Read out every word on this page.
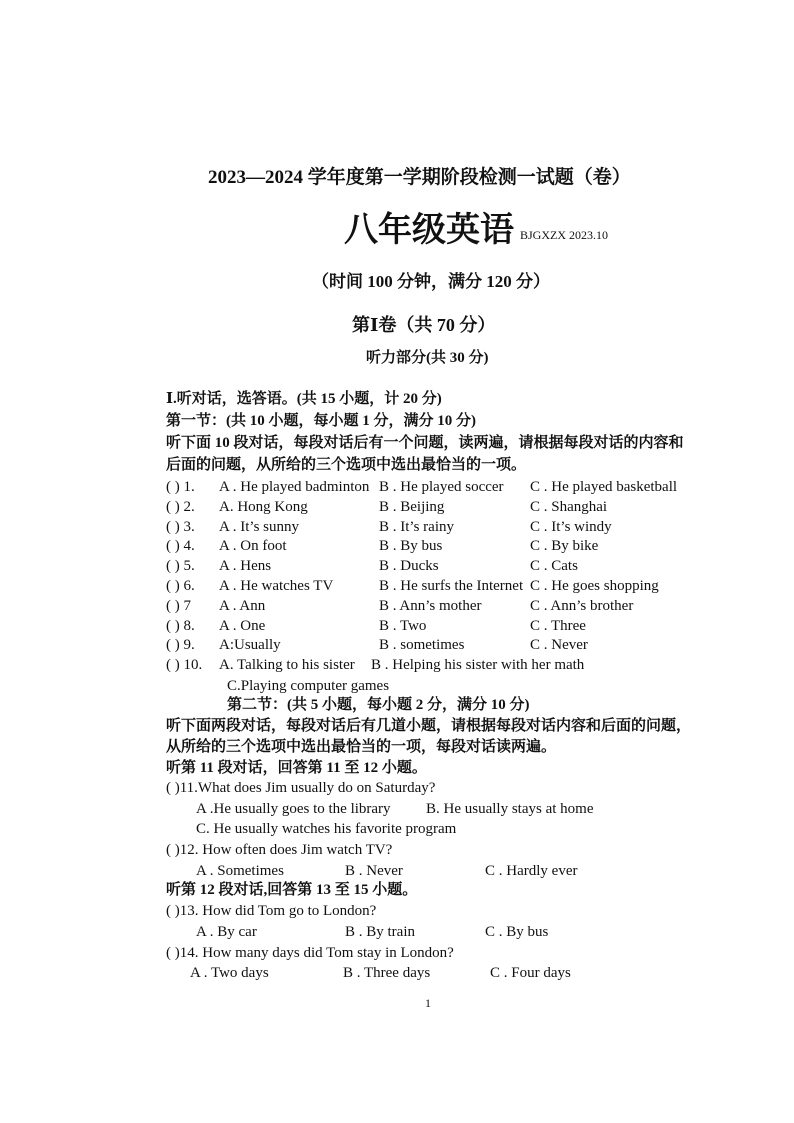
2023—2024 学年度第一学期阶段检测一试题（卷）
八年级英语 BJGXZX 2023.10
（时间 100 分钟，满分 120 分）
第Ⅰ卷（共 70 分）
听力部分(共 30 分)
Ⅰ.听对话，选答语。(共 15 小题，计 20 分)
第一节：(共 10 小题，每小题 1 分，满分 10 分)
听下面 10 段对话，每段对话后有一个问题，读两遍，请根据每段对话的内容和
后面的问题，从所给的三个选项中选出最恰当的一项。
( ) 1. A . He played badminton B . He played soccer C . He played basketball
( ) 2. A. Hong Kong	B . Beijing	C . Shanghai
( ) 3. A . It’s sunny	B . It’s rainy	C . It’s windy
( ) 4. A . On foot	B . By bus	C . By bike
( ) 5. A . Hens	B . Ducks	C . Cats
( ) 6. A . He watches TV	B . He surfs the Internet C . He goes shopping
( ) 7 A . Ann	B . Ann’s mother	C . Ann’s brother
( ) 8. A . One	B . Two	C . Three
( ) 9. A:Usually	B . sometimes	C . Never
( ) 10. A. Talking to his sister B . Helping his sister with her math
C.Playing computer games
第二节：(共 5 小题，每小题 2 分，满分 10 分)
听下面两段对话，每段对话后有几道小题，请根据每段对话内容和后面的问题，
从所给的三个选项中选出最恰当的一项，每段对话读两遍。
听第 11 段对话，回答第 11 至 12 小题。
( )11.What does Jim usually do on Saturday?
A .He usually goes to the library B. He usually stays at home
C. He usually watches his favorite program
( )12. How often does Jim watch TV?
A . Sometimes	B . Never	C . Hardly ever
听第 12 段对话,回答第 13 至 15 小题。
( )13. How did Tom go to London?
A . By car	B . By train	C . By bus
( )14. How many days did Tom stay in London?
A . Two days	B . Three days	C . Four days
1
